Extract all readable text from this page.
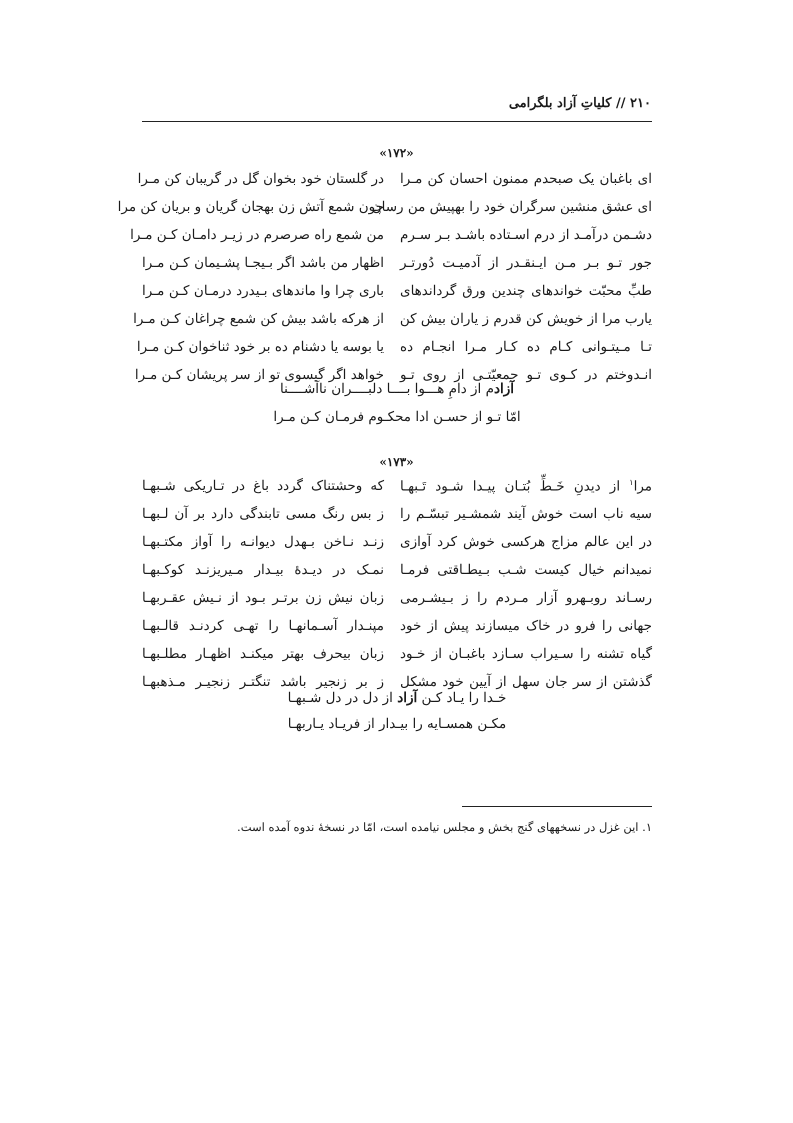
۲۱۰ // کلیاتِ آزاد بلگرامی
«۱۷۲»
ای باغبان یک صبحدم ممنون احسان کن مـرا
در گلستان خود بخوان گل در گریبان کن مـرا
ای عشق منشین سرگران خود را بهپیش من رسان
چون شمع آتش زن بهجان گریان و بریان کن مرا
دشـمن درآمـد از درم اسـتاده باشـد بـر سـرم
من شمع راه صرصرم در زیـر دامـان کـن مـرا
جور تـو بـر مـن ایـنقـدر از آدمیـت دُورتـر
اظهار من باشد اگر بـیجـا پشـیمان کـن مـرا
طبِّ محبّت خواندهای چندین ورق گرداندهای
باری چرا وا ماندهای بـیدرد درمـان کـن مـرا
یارب مرا از خویش کن قدرم ز یاران بیش کن
از هرکه باشد بیش کن شمع چراغان کـن مـرا
تـا مـیتـوانی کـام ده کـار مـرا انجـام ده
یا بوسه یا دشنام ده بر خود ثناخوان کـن مـرا
انـدوختم در کـوی تـو جمعیّتـی از روی تـو
خواهد اگر گیسوی تو از سر پریشان کـن مـرا
آزادم از دامِ هـــوا بــــا دلبــــران ناآشــــنا
امّا تـو از حسـن ادا محکـوم فرمـان کـن مـرا
«۱۷۳»
مرا$^۱$ از دیدنِ خَـطِّ بُتـان پیـدا شـود تَـبهـا
که وحشتناک گردد باغ در تـاریکی شـبهـا
سیه ناب است خوش آیند شمشـیر تبسّـم را
ز بس رنگ مسی تابندگی دارد بر آن لـبهـا
در این عالم مزاج هرکسی خوش کرد آوازی
زنـد نـاخن بـهدل دیوانـه را آواز مکتـبهـا
نمیدانم خیال کیست شـب بـیطـاقتی فرمـا
نمـک در دیـدۀ بیـدار مـیریزنـد کوکـبهـا
رسـاند روبـهرو آزار مـردم را ز بـیشـرمی
زبان نیش زن برتـر بـود از نـیش عقـربهـا
جهانی را فرو در خاک میسازند پیش از خود
مپنـدار آسـمانهـا را تهـی کردنـد قالـبهـا
گیاه تشنه را سـیراب سـازد باغبـان از خـود
زبان بیحرف بهتر میکنـد اظهـار مطلـبهـا
گذشتن از سر جان سهل از آیین خود مشکل
ز بر زنجیر باشد تنگتـر زنجیـر مـذهبهـا
خـدا را یـاد کـن آزاد از دل در دل شـبهـا
مکـن همسـایه را بیـدار از فریـاد یـاربهـا
۱. این غزل در نسخههای گنج بخش و مجلس نیامده است، امّا در نسخۀ ندوه آمده است.
